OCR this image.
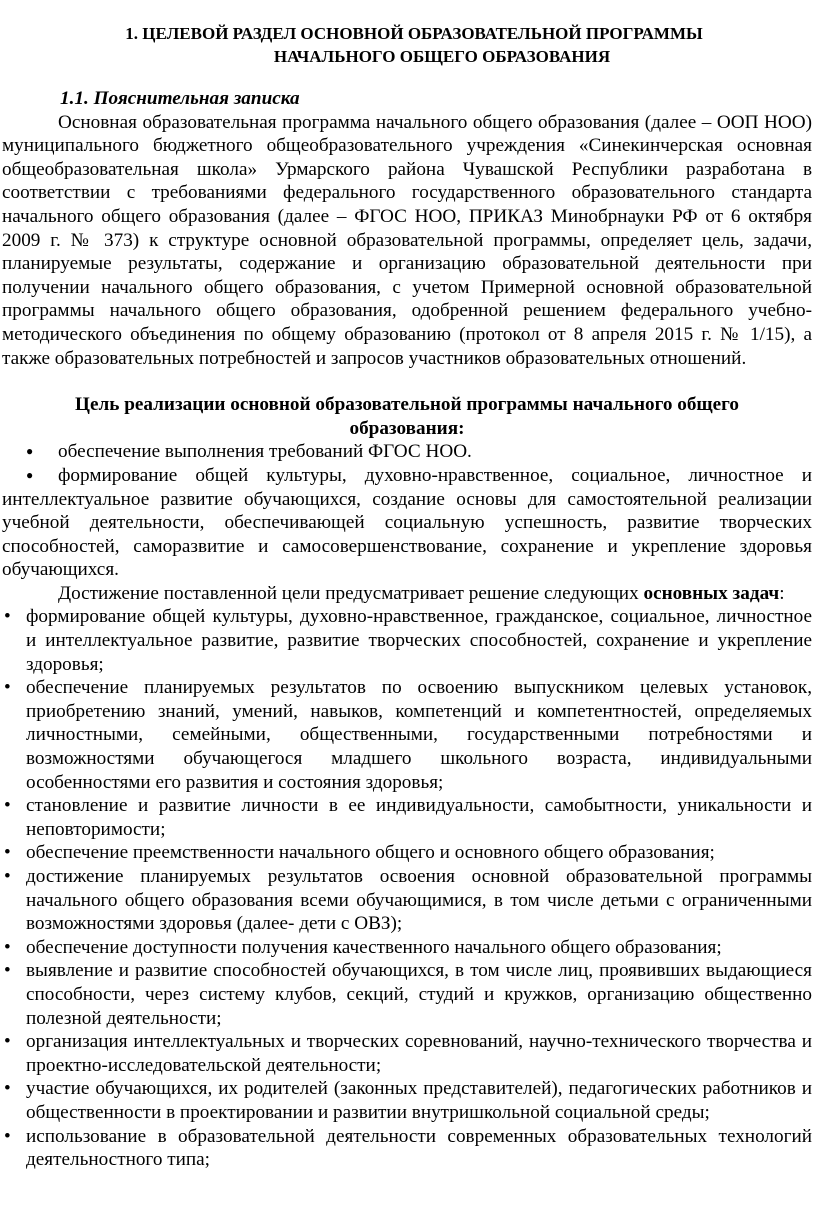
1. ЦЕЛЕВОЙ РАЗДЕЛ ОСНОВНОЙ ОБРАЗОВАТЕЛЬНОЙ ПРОГРАММЫ
НАЧАЛЬНОГО ОБЩЕГО ОБРАЗОВАНИЯ
1.1. Пояснительная записка

Основная образовательная программа начального общего образования (далее – ООП НОО) муниципального бюджетного общеобразовательного учреждения «Синекинчерская основная общеобразовательная школа» Урмарского района Чувашской Республики разработана в соответствии с требованиями федерального государственного образовательного стандарта начального общего образования (далее – ФГОС НОО, ПРИКАЗ Минобрнауки РФ от 6 октября 2009 г. № 373) к структуре основной образовательной программы, определяет цель, задачи, планируемые результаты, содержание и организацию образовательной деятельности при получении начального общего образования, с учетом Примерной основной образовательной программы начального общего образования, одобренной решением федерального учебно-методического объединения по общему образованию (протокол от 8 апреля 2015 г. № 1/15), а также образовательных потребностей и запросов участников образовательных отношений.

Цель реализации основной образовательной программы начального общего образования:
● обеспечение выполнения требований ФГОС НОО.
● формирование общей культуры, духовно-нравственное, социальное, личностное и интеллектуальное развитие обучающихся, создание основы для самостоятельной реализации учебной деятельности, обеспечивающей социальную успешность, развитие творческих способностей, саморазвитие и самосовершенствование, сохранение и укрепление здоровья обучающихся.

Достижение поставленной цели предусматривает решение следующих основных задач:

• формирование общей культуры, духовно-нравственное, гражданское, социальное, личностное и интеллектуальное развитие, развитие творческих способностей, сохранение и укрепление здоровья;
• обеспечение планируемых результатов по освоению выпускником целевых установок, приобретению знаний, умений, навыков, компетенций и компетентностей, определяемых личностными, семейными, общественными, государственными потребностями и возможностями обучающегося младшего школьного возраста, индивидуальными особенностями его развития и состояния здоровья;
• становление и развитие личности в ее индивидуальности, самобытности, уникальности и неповторимости;
• обеспечение преемственности начального общего и основного общего образования;
• достижение планируемых результатов освоения основной образовательной программы начального общего образования всеми обучающимися, в том числе детьми с ограниченными возможностями здоровья (далее- дети с ОВЗ);
• обеспечение доступности получения качественного начального общего образования;
• выявление и развитие способностей обучающихся, в том числе лиц, проявивших выдающиеся способности, через систему клубов, секций, студий и кружков, организацию общественно полезной деятельности;
• организация интеллектуальных и творческих соревнований, научно-технического творчества и проектно-исследовательской деятельности;
• участие обучающихся, их родителей (законных представителей), педагогических работников и общественности в проектировании и развитии внутришкольной социальной среды;
• использование в образовательной деятельности современных образовательных технологий деятельностного типа;
